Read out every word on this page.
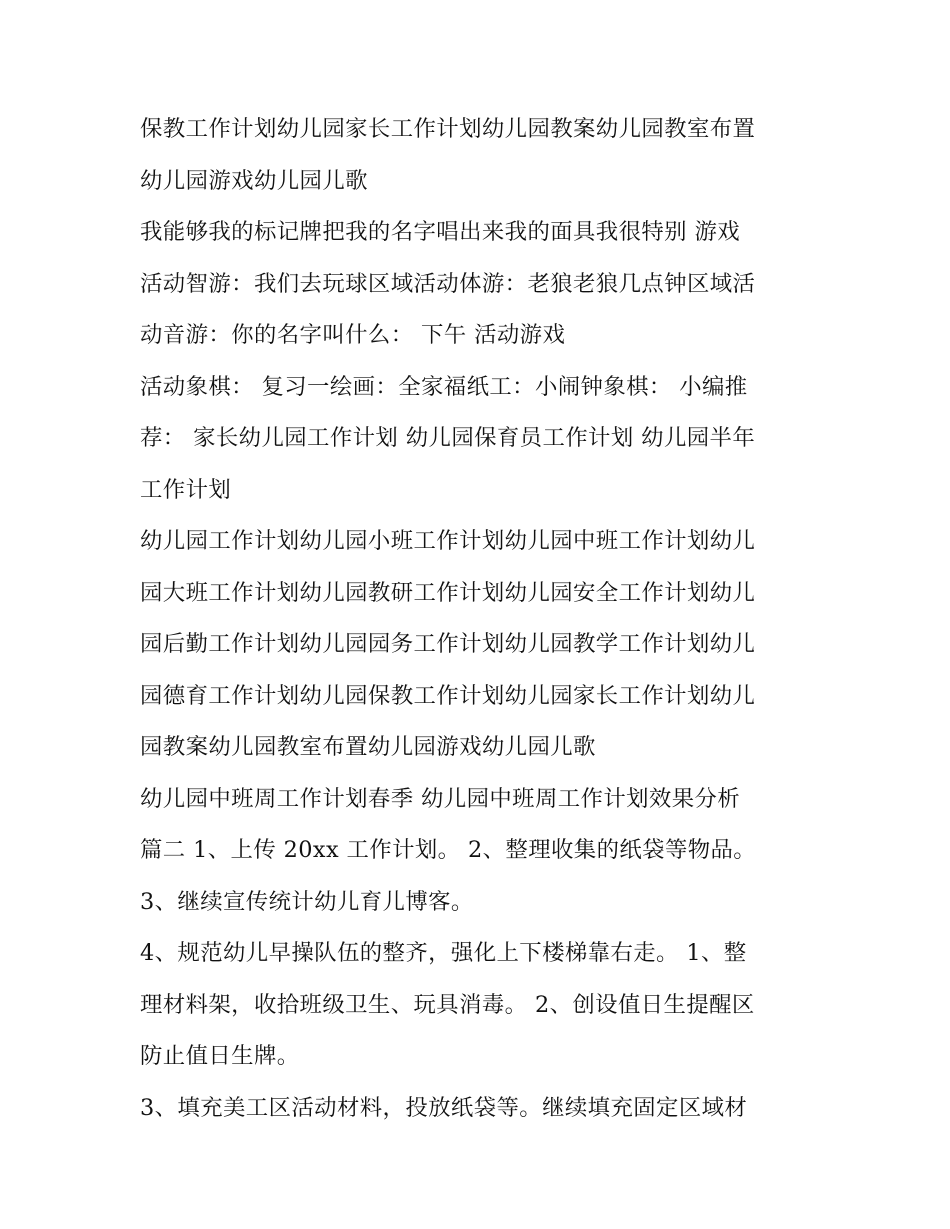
保教工作计划幼儿园家长工作计划幼儿园教案幼儿园教室布置
幼儿园游戏幼儿园儿歌
我能够我的标记牌把我的名字唱出来我的面具我很特别 游戏
活动智游：我们去玩球区域活动体游：老狼老狼几点钟区域活
动音游：你的名字叫什么： 下午 活动游戏
活动象棋： 复习一绘画：全家福纸工：小闹钟象棋： 小编推
荐： 家长幼儿园工作计划 幼儿园保育员工作计划 幼儿园半年
工作计划
幼儿园工作计划幼儿园小班工作计划幼儿园中班工作计划幼儿
园大班工作计划幼儿园教研工作计划幼儿园安全工作计划幼儿
园后勤工作计划幼儿园园务工作计划幼儿园教学工作计划幼儿
园德育工作计划幼儿园保教工作计划幼儿园家长工作计划幼儿
园教案幼儿园教室布置幼儿园游戏幼儿园儿歌
幼儿园中班周工作计划春季 幼儿园中班周工作计划效果分析
篇二 1、上传 20xx 工作计划。 2、整理收集的纸袋等物品。
3、继续宣传统计幼儿育儿博客。
4、规范幼儿早操队伍的整齐，强化上下楼梯靠右走。 1、整
理材料架，收拾班级卫生、玩具消毒。 2、创设值日生提醒区
防止值日生牌。
3、填充美工区活动材料，投放纸袋等。继续填充固定区域材
